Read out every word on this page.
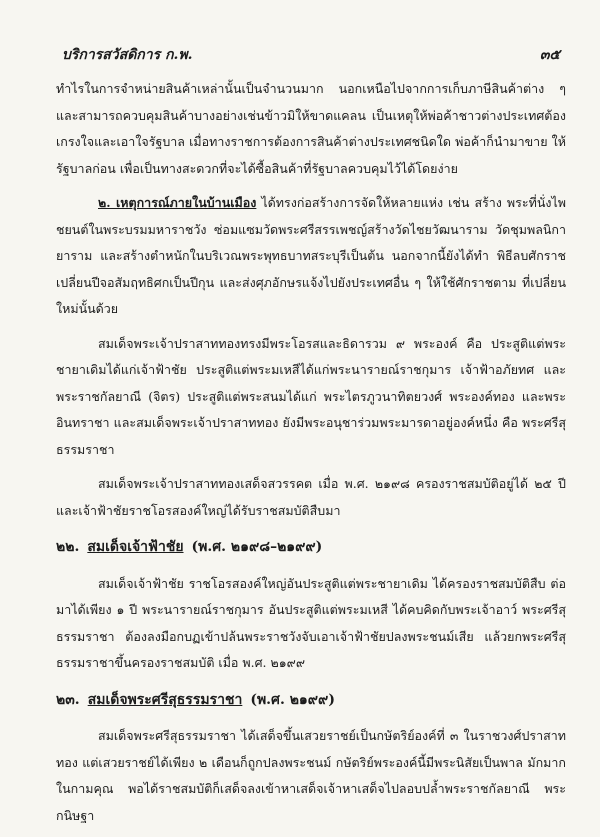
บริการสวัสดิการ ก.พ.	๓๕

ทำไรในการจำหน่ายสินค้าเหล่านั้นเป็นจำนวนมาก นอกเหนือไปจากการเก็บภาษีสินค้าต่าง ๆ และสามารถควบคุมสินค้าบางอย่างเช่นข้าวมิให้ขาดแคลน เป็นเหตุให้พ่อค้าชาวต่างประเทศต้อง เกรงใจและเอาใจรัฐบาล เมื่อทางราชการต้องการสินค้าต่างประเทศชนิดใด พ่อค้าก็นำมาขาย ให้รัฐบาลก่อน เพื่อเป็นทางสะดวกที่จะได้ซื้อสินค้าที่รัฐบาลควบคุมไว้ได้โดยง่าย

๒. เหตุการณ์ภายในบ้านเมือง ได้ทรงก่อสร้างการจัดให้หลายแห่ง เช่น สร้าง พระที่นั่งไพชยนต์ในพระบรมมหาราชวัง ซ่อมแซมวัดพระศรีสรรเพชญ์สร้างวัดไชยวัฒนาราม วัดชุมพลนิกายาราม และสร้างตำหนักในบริเวณพระพุทธบาทสระบุรีเป็นต้น นอกจากนี้ยังได้ทำ พิธีลบศักราชเปลี่ยนปีจอสัมฤทธิศกเป็นปีกุน และส่งศุภอักษรแจ้งไปยังประเทศอื่น ๆ ให้ใช้ศักราชตาม ที่เปลี่ยนใหม่นั้นด้วย

สมเด็จพระเจ้าปราสาททองทรงมีพระโอรสและธิดารวม ๙ พระองค์ คือ ประสูติแต่พระ ชายาเดิมได้แก่เจ้าฟ้าชัย ประสูติแต่พระมเหสีได้แก่พระนารายณ์ราชกุมาร เจ้าฟ้าอภัยทศ และ พระราชกัลยาณี (จิตร) ประสูติแต่พระสนมได้แก่ พระไตรภูวนาทิตยวงศ์ พระองค์ทอง และพระอินทราชา และสมเด็จพระเจ้าปราสาททอง ยังมีพระอนุชาร่วมพระมารดาอยู่องค์หนึ่ง คือ พระศรีสุธรรมราชา

สมเด็จพระเจ้าปราสาททองเสด็จสวรรคต เมื่อ พ.ศ. ๒๑๙๘ ครองราชสมบัติอยู่ได้ ๒๕ ปี และเจ้าฟ้าชัยราชโอรสองค์ใหญ่ได้รับราชสมบัติสืบมา

๒๒. สมเด็จเจ้าฟ้าชัย (พ.ศ. ๒๑๙๘–๒๑๙๙)

สมเด็จเจ้าฟ้าชัย ราชโอรสองค์ใหญ่อันประสูติแต่พระชายาเดิม ได้ครองราชสมบัติสืบ ต่อมาได้เพียง ๑ ปี พระนารายณ์ราชกุมาร อันประสูติแต่พระมเหสี ได้คบคิดกับพระเจ้าอาว์ พระศรีสุธรรมราชา ต้องลงมือกบฏเข้าปล้นพระราชวังจับเอาเจ้าฟ้าชัยปลงพระชนม์เสีย แล้วยกพระศรีสุธรรมราชาขึ้นครองราชสมบัติ เมื่อ พ.ศ. ๒๑๙๙

๒๓. สมเด็จพระศรีสุธรรมราชา (พ.ศ. ๒๑๙๙)

สมเด็จพระศรีสุธรรมราชา ได้เสด็จขึ้นเสวยราชย์เป็นกษัตริย์องค์ที่ ๓ ในราชวงศ์ปราสาททอง แต่เสวยราชย์ได้เพียง ๒ เดือนก็ถูกปลงพระชนม์ กษัตริย์พระองค์นี้มีพระนิสัยเป็นพาล มักมาก ในกามคุณ พอได้ราชสมบัติก็เสด็จลงเข้าหาเสด็จเจ้าหาเสด็จไปลอบปล้ำพระราชกัลยาณี พระกนิษฐา
